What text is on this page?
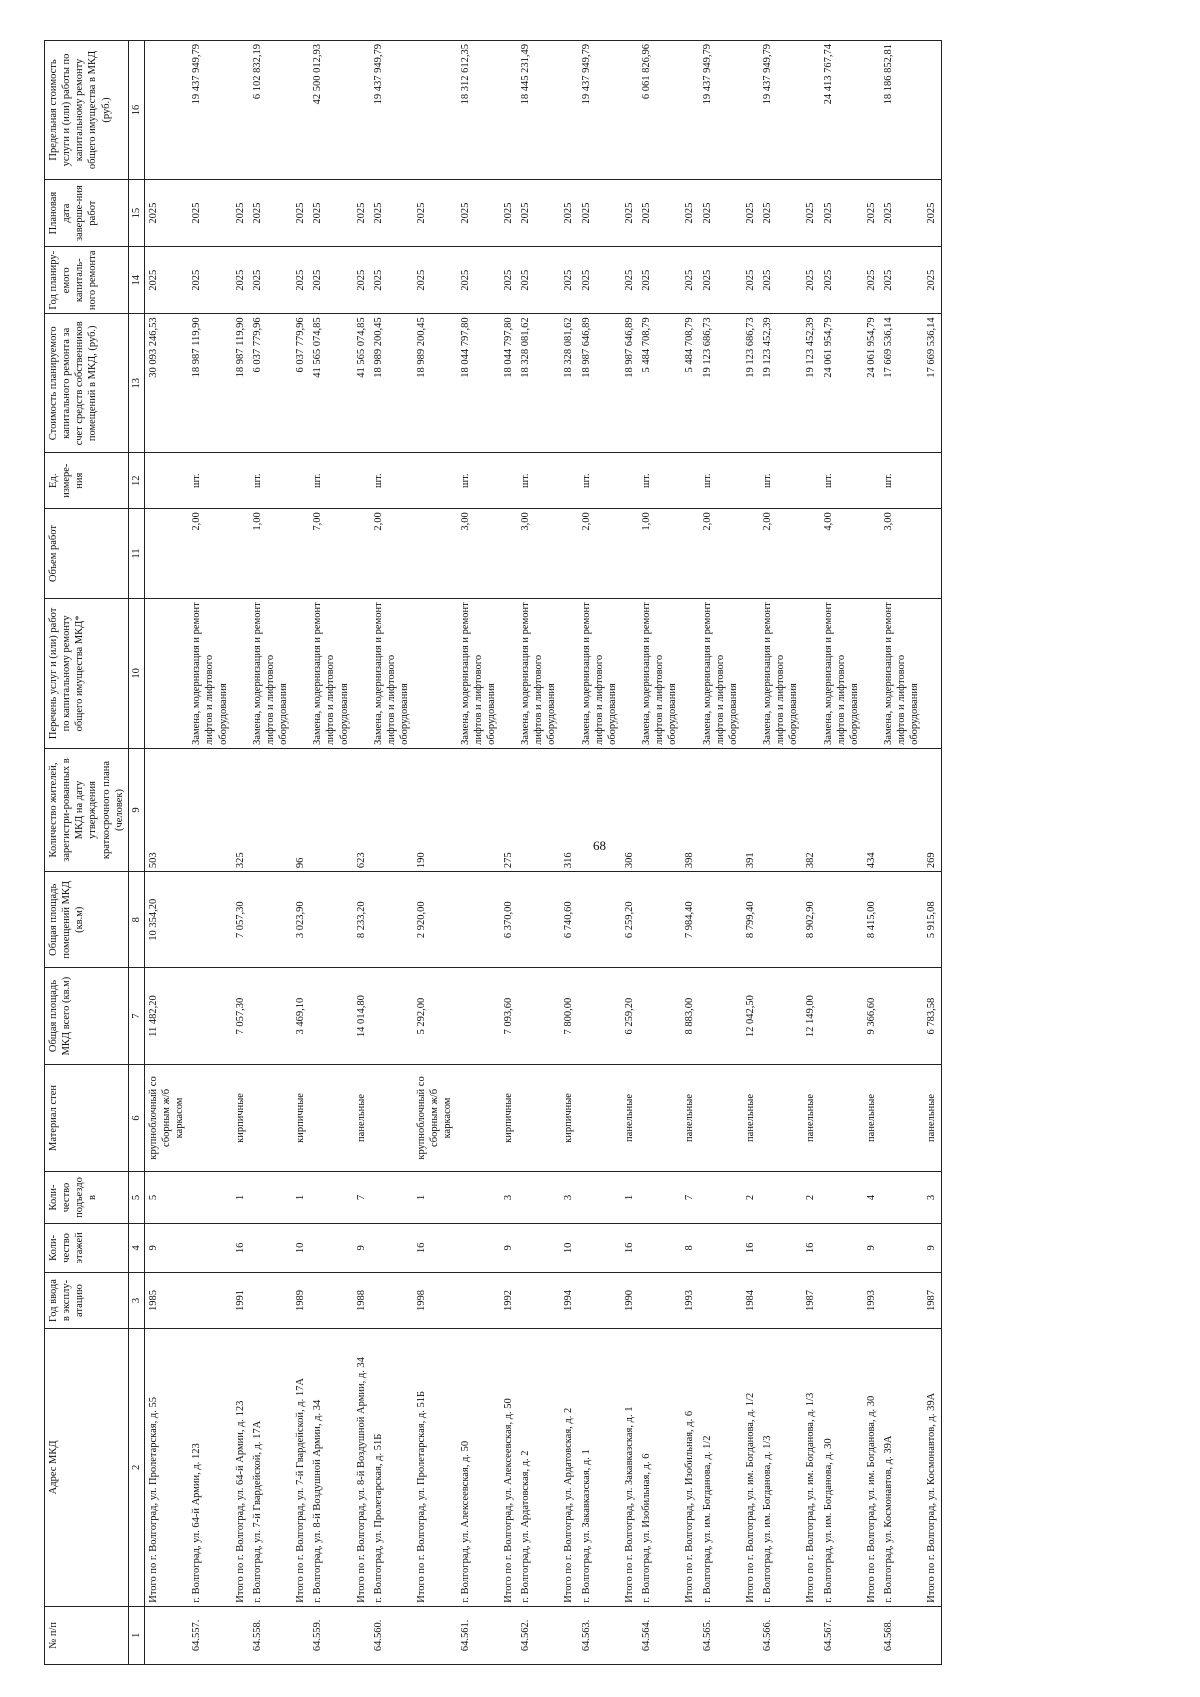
68
№ п/п	Адрес МКД	Год ввода в эксплу-атацию	Коли-чество этажей	Коли-чество подъездо в	Материал стен	Общая площадь МКД всего (кв.м)	Общая площадь помещений МКД (кв.м)	Количество жителей, зарегистри-рованных в МКД на дату утверждения краткосрочного плана (человек)	Перечень услуг и (или) работ по капитальному ремонту общего имущества МКД*	Объем работ	Ед. измере-ния	Стоимость планируемого капитального ремонта за счет средств собственников помещений в МКД, (руб.)	Год планиру-емого капиталь-ного ремонта	Плановая дата заверше-ния работ	Предельная стоимость услуги и (или) работы по капитальному ремонту общего имущества в МКД (руб.)
1	2	3	4	5	6	7	8	9	10	11	12	13	14	15	16
	Итого по г. Волгоград, ул. Пролетарская, д. 55	1985	9	5	крупноблочный со сборным ж/б каркасом	11 482,20	10 354,20	503				30 093 246,53	2025	2025	
64.557.	г. Волгоград, ул. 64-й Армии, д. 123								Замена, модернизация и ремонт лифтов и лифтового оборудования	2,00	шт.	18 987 119,90	2025	2025	19 437 949,79
	Итого по г. Волгоград, ул. 64-й Армии, д. 123	1991	16	1	кирпичные	7 057,30	7 057,30	325				18 987 119,90	2025	2025	
64.558.	г. Волгоград, ул. 7-й Гвардейской, д. 17А								Замена, модернизация и ремонт лифтов и лифтового оборудования	1,00	шт.	6 037 779,96	2025	2025	6 102 832,19
	Итого по г. Волгоград, ул. 7-й Гвардейской, д. 17А	1989	10	1	кирпичные	3 469,10	3 023,90	96				6 037 779,96	2025	2025	
64.559.	г. Волгоград, ул. 8-й Воздушной Армии, д. 34								Замена, модернизация и ремонт лифтов и лифтового оборудования	7,00	шт.	41 565 074,85	2025	2025	42 500 012,93
	Итого по г. Волгоград, ул. 8-й Воздушной Армии, д. 34	1988	9	7	панельные	14 014,80	8 233,20	623				41 565 074,85	2025	2025	
64.560.	г. Волгоград, ул. Пролетарская, д. 51Б								Замена, модернизация и ремонт лифтов и лифтового оборудования	2,00	шт.	18 989 200,45	2025	2025	19 437 949,79
	Итого по г. Волгоград, ул. Пролетарская, д. 51Б	1998	16	1	крупноблочный со сборным ж/б каркасом	5 292,00	2 920,00	190				18 989 200,45	2025	2025	
64.561.	г. Волгоград, ул. Алексеевская, д. 50								Замена, модернизация и ремонт лифтов и лифтового оборудования	3,00	шт.	18 044 797,80	2025	2025	18 312 612,35
	Итого по г. Волгоград, ул. Алексеевская, д. 50	1992	9	3	кирпичные	7 093,60	6 370,00	275				18 044 797,80	2025	2025	
64.562.	г. Волгоград, ул. Ардатовская, д. 2								Замена, модернизация и ремонт лифтов и лифтового оборудования	3,00	шт.	18 328 081,62	2025	2025	18 445 231,49
	Итого по г. Волгоград, ул. Ардатовская, д. 2	1994	10	3	кирпичные	7 800,00	6 740,60	316				18 328 081,62	2025	2025	
64.563.	г. Волгоград, ул. Закавказская, д. 1								Замена, модернизация и ремонт лифтов и лифтового оборудования	2,00	шт.	18 987 646,89	2025	2025	19 437 949,79
	Итого по г. Волгоград, ул. Закавказская, д. 1	1990	16	1	панельные	6 259,20	6 259,20	306				18 987 646,89	2025	2025	
64.564.	г. Волгоград, ул. Изобильная, д. 6								Замена, модернизация и ремонт лифтов и лифтового оборудования	1,00	шт.	5 484 708,79	2025	2025	6 061 826,96
	Итого по г. Волгоград, ул. Изобильная, д. 6	1993	8	7	панельные	8 883,00	7 984,40	398				5 484 708,79	2025	2025	
64.565.	г. Волгоград, ул. им. Богданова, д. 1/2								Замена, модернизация и ремонт лифтов и лифтового оборудования	2,00	шт.	19 123 686,73	2025	2025	19 437 949,79
	Итого по г. Волгоград, ул. им. Богданова, д. 1/2	1984	16	2	панельные	12 042,50	8 799,40	391				19 123 686,73	2025	2025	
64.566.	г. Волгоград, ул. им. Богданова, д. 1/3								Замена, модернизация и ремонт лифтов и лифтового оборудования	2,00	шт.	19 123 452,39	2025	2025	19 437 949,79
	Итого по г. Волгоград, ул. им. Богданова, д. 1/3	1987	16	2	панельные	12 149,00	8 902,90	382				19 123 452,39	2025	2025	
64.567.	г. Волгоград, ул. им. Богданова, д. 30								Замена, модернизация и ремонт лифтов и лифтового оборудования	4,00	шт.	24 061 954,79	2025	2025	24 413 767,74
	Итого по г. Волгоград, ул. им. Богданова, д. 30	1993	9	4	панельные	9 366,60	8 415,00	434				24 061 954,79	2025	2025	
64.568.	г. Волгоград, ул. Космонавтов, д. 39А								Замена, модернизация и ремонт лифтов и лифтового оборудования	3,00	шт.	17 669 536,14	2025	2025	18 186 852,81
	Итого по г. Волгоград, ул. Космонавтов, д. 39А	1987	9	3	панельные	6 783,58	5 915,08	269				17 669 536,14	2025	2025	
